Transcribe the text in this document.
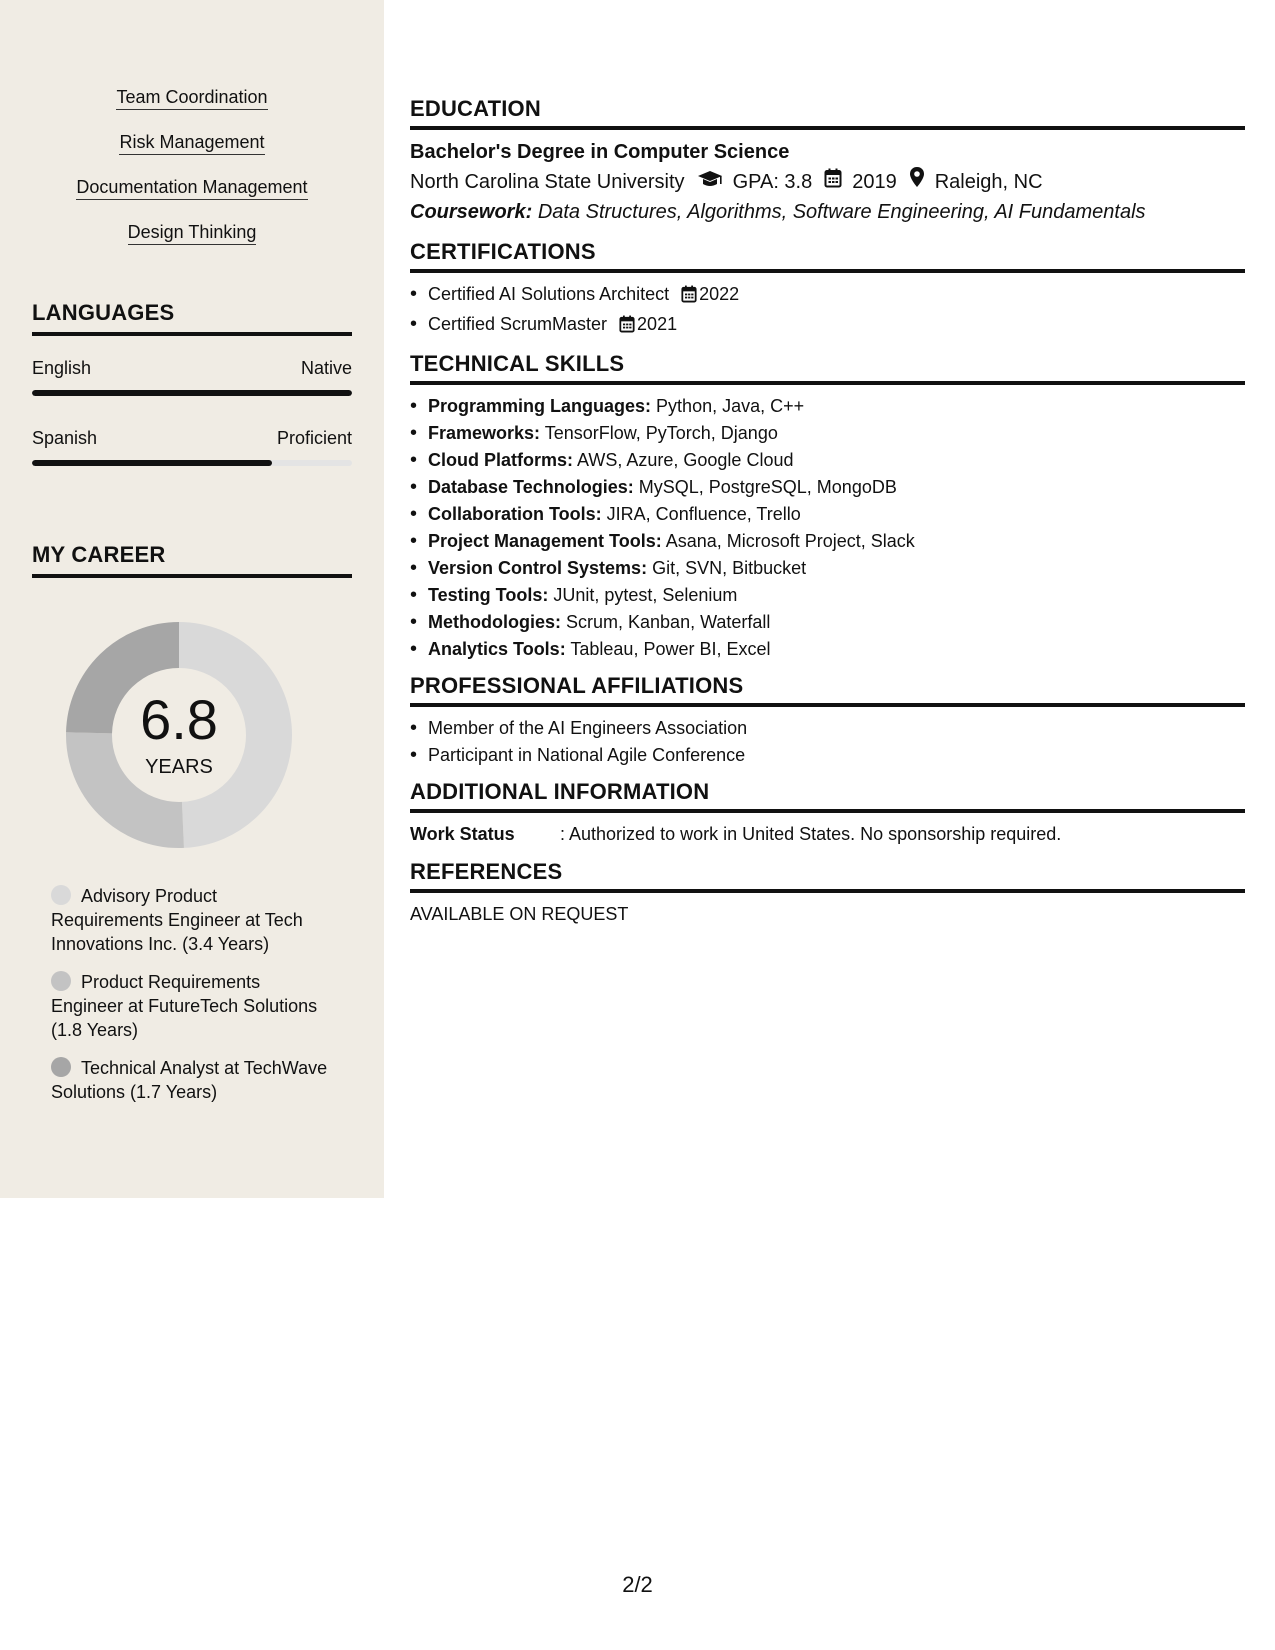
Team Coordination
Risk Management
Documentation Management
Design Thinking
LANGUAGES
English	Native
Spanish	Proficient
MY CAREER
6.8
YEARS
Advisory Product Requirements Engineer at Tech Innovations Inc. (3.4 Years)
Product Requirements Engineer at FutureTech Solutions (1.8 Years)
Technical Analyst at TechWave Solutions (1.7 Years)
EDUCATION
Bachelor's Degree in Computer Science
North Carolina State University GPA: 3.8 2019 Raleigh, NC
Coursework: Data Structures, Algorithms, Software Engineering, AI Fundamentals
CERTIFICATIONS
• Certified AI Solutions Architect 2022
• Certified ScrumMaster 2021
TECHNICAL SKILLS
• Programming Languages: Python, Java, C++
• Frameworks: TensorFlow, PyTorch, Django
• Cloud Platforms: AWS, Azure, Google Cloud
• Database Technologies: MySQL, PostgreSQL, MongoDB
• Collaboration Tools: JIRA, Confluence, Trello
• Project Management Tools: Asana, Microsoft Project, Slack
• Version Control Systems: Git, SVN, Bitbucket
• Testing Tools: JUnit, pytest, Selenium
• Methodologies: Scrum, Kanban, Waterfall
• Analytics Tools: Tableau, Power BI, Excel
PROFESSIONAL AFFILIATIONS
• Member of the AI Engineers Association
• Participant in National Agile Conference
ADDITIONAL INFORMATION
Work Status	: Authorized to work in United States. No sponsorship required.
REFERENCES
AVAILABLE ON REQUEST
2/2
